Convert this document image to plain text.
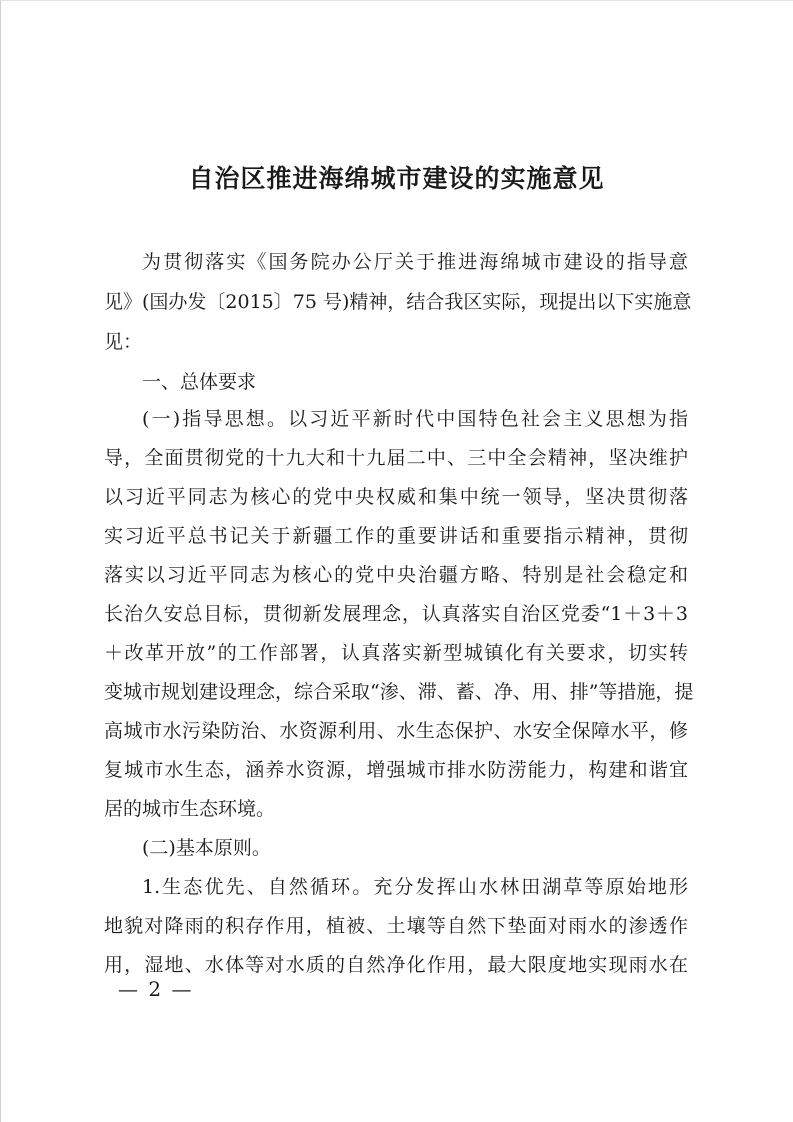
自治区推进海绵城市建设的实施意见
为贯彻落实《国务院办公厅关于推进海绵城市建设的指导意
见》(国办发〔2015〕75 号)精神，结合我区实际，现提出以下实施意
见：
一、总体要求
(一)指导思想。以习近平新时代中国特色社会主义思想为指
导，全面贯彻党的十九大和十九届二中、三中全会精神，坚决维护
以习近平同志为核心的党中央权威和集中统一领导，坚决贯彻落
实习近平总书记关于新疆工作的重要讲话和重要指示精神，贯彻
落实以习近平同志为核心的党中央治疆方略、特别是社会稳定和
长治久安总目标，贯彻新发展理念，认真落实自治区党委“1＋3＋3
＋改革开放”的工作部署，认真落实新型城镇化有关要求，切实转
变城市规划建设理念，综合采取“渗、滞、蓄、净、用、排”等措施，提
高城市水污染防治、水资源利用、水生态保护、水安全保障水平，修
复城市水生态，涵养水资源，增强城市排水防涝能力，构建和谐宜
居的城市生态环境。
(二)基本原则。
1.生态优先、自然循环。充分发挥山水林田湖草等原始地形
地貌对降雨的积存作用，植被、土壤等自然下垫面对雨水的渗透作
用，湿地、水体等对水质的自然净化作用，最大限度地实现雨水在
— 2 —
